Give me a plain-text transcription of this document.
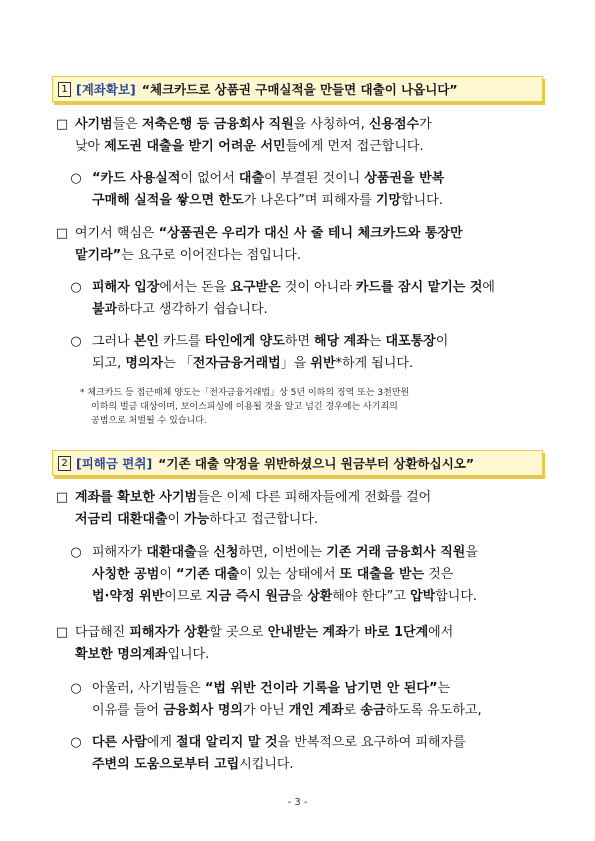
1 [계좌확보] “체크카드로 상품권 구매실적을 만들면 대출이 나옵니다”
□ 사기범들은 저축은행 등 금융회사 직원을 사칭하여, 신용점수가
낮아 제도권 대출을 받기 어려운 서민들에게 먼저 접근합니다.
○ “카드 사용실적이 없어서 대출이 부결된 것이니 상품권을 반복
구매해 실적을 쌓으면 한도가 나온다”며 피해자를 기망합니다.
□ 여기서 핵심은 “상품권은 우리가 대신 사 줄 테니 체크카드와 통장만
맡기라”는 요구로 이어진다는 점입니다.
○ 피해자 입장에서는 돈을 요구받은 것이 아니라 카드를 잠시 맡기는 것에
불과하다고 생각하기 쉽습니다.
○ 그러나 본인 카드를 타인에게 양도하면 해당 계좌는 대포통장이
되고, 명의자는 「전자금융거래법」을 위반*하게 됩니다.
* 체크카드 등 접근매체 양도는「전자금융거래법」상 5년 이하의 징역 또는 3천만원
이하의 벌금 대상이며, 보이스피싱에 이용될 것을 알고 넘긴 경우에는 사기죄의
공범으로 처벌될 수 있습니다.
2 [피해금 편취] “기존 대출 약정을 위반하셨으니 원금부터 상환하십시오”
□ 계좌를 확보한 사기범들은 이제 다른 피해자들에게 전화를 걸어
저금리 대환대출이 가능하다고 접근합니다.
○ 피해자가 대환대출을 신청하면, 이번에는 기존 거래 금융회사 직원을
사칭한 공범이 “기존 대출이 있는 상태에서 또 대출을 받는 것은
법·약정 위반이므로 지금 즉시 원금을 상환해야 한다”고 압박합니다.
□ 다급해진 피해자가 상환할 곳으로 안내받는 계좌가 바로 1단계에서
확보한 명의계좌입니다.
○ 아울러, 사기범들은 “법 위반 건이라 기록을 남기면 안 된다”는
이유를 들어 금융회사 명의가 아닌 개인 계좌로 송금하도록 유도하고,
○ 다른 사람에게 절대 알리지 말 것을 반복적으로 요구하여 피해자를
주변의 도움으로부터 고립시킵니다.
- 3 -
